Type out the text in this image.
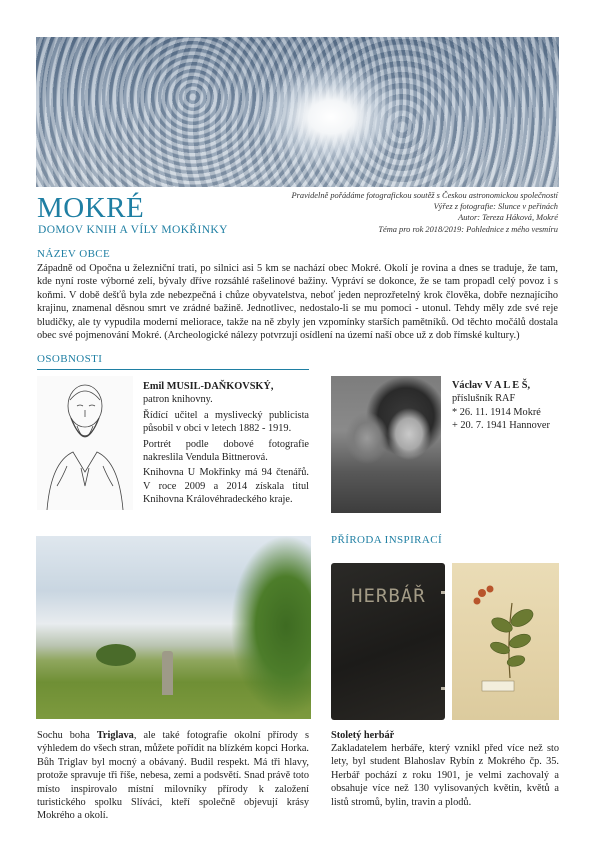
MOKRÉ
DOMOV KNIH A VÍLY MOKŘINKY
Pravidelně pořádáme fotografickou soutěž s Českou astronomickou společností
Výřez z fotografie: Slunce v peřinách
Autor: Tereza Háková, Mokré
Téma pro rok 2018/2019: Pohlednice z mého vesmíru
NÁZEV OBCE
Západně od Opočna u železniční trati, po silnici asi 5 km se nachází obec Mokré. Okolí je rovina a dnes se traduje, že tam, kde nyní roste výborné zelí, bývaly dříve rozsáhlé rašelinové bažiny. Vypráví se dokonce, že se tam propadl celý povoz i s koňmi. V době dešťů byla zde nebezpečná i chůze obyvatelstva, neboť jeden neprozřetelný krok člověka, dobře neznajícího krajinu, znamenal děsnou smrt ve zrádné bažině. Jednotlivec, nedostalo-li se mu pomoci - utonul. Tehdy měly zde své reje bludičky, ale ty vypudila moderní meliorace, takže na ně zbyly jen vzpomínky starších pamětníků. Od těchto močálů dostala obec své pojmenování Mokré. (Archeologické nálezy potvrzují osídlení na území naší obce už z dob římské kultury.)
OSOBNOSTI
Emil MUSIL-DAŇKOVSKÝ,
patron knihovny.
Řídící učitel a myslivecký publicista působil v obci v letech 1882 - 1919.
Portrét podle dobové fotografie nakreslila Vendula Bittnerová.
Knihovna U Mokřinky má 94 čtenářů. V roce 2009 a 2014 získala titul Knihovna Královéhradeckého kraje.
Václav V A L E Š,
příslušník RAF
* 26. 11. 1914 Mokré
+ 20. 7. 1941 Hannover
Sochu boha Triglava, ale také fotografie okolní přírody s výhledem do všech stran, můžete pořídit na blízkém kopci Horka. Bůh Triglav byl mocný a obávaný. Budil respekt. Má tři hlavy, protože spravuje tři říše, nebesa, zemi a podsvětí. Snad právě toto místo inspirovalo místní milovníky přírody k založení turistického spolku Slíváci, kteří společně objevují krásy Mokrého a okolí.
PŘÍRODA INSPIRACÍ
HERBÁŘ
Stoletý herbář
Zakladatelem herbáře, který vznikl před více než sto lety, byl student Blahoslav Rybín z Mokrého čp. 35. Herbář pochází z roku 1901, je velmi zachovalý a obsahuje více než 130 vylisovaných květin, květů a listů stromů, bylin, travin a plodů.
